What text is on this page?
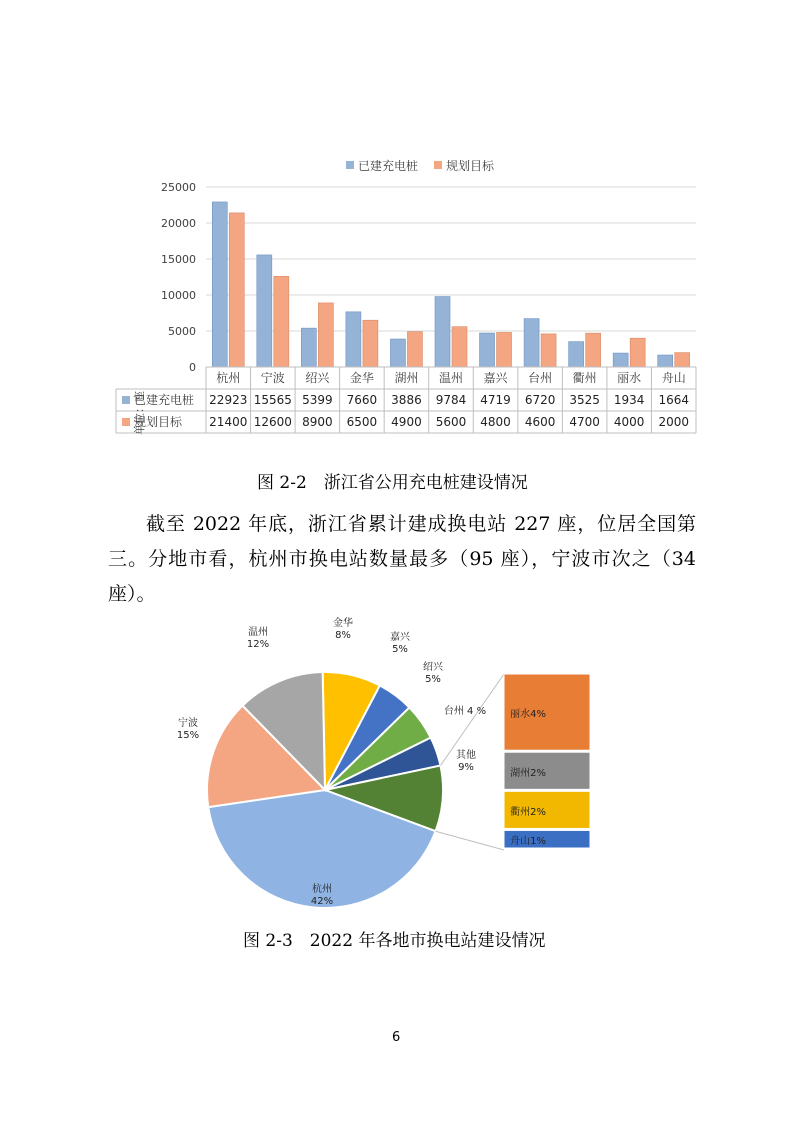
已建充电桩 规划目标
0
5000
10000
15000
20000
25000
杭州
22923
21400
宁波
15565
12600
绍兴
5399
8900
金华
7660
6500
湖州
3886
4900
温州
9784
5600
嘉兴
4719
4800
台州
6720
4600
衢州
3525
4700
丽水
1934
4000
舟山
1664
2000
已建充电桩
规划目标
单位：座
图 2-2　浙江省公用充电桩建设情况
截至 2022 年底，浙江省累计建成换电站 227 座，位居全国第三。分地市看，杭州市换电站数量最多（95 座），宁波市次之（34 座）。
金华 8%	嘉兴 5%
绍兴 5%
台州 4 %
其他 9%
杭州 42%
宁波 15%
温州 12%
丽水4%
湖州2%
衢州2%
舟山1%
图 2-3　2022 年各地市换电站建设情况
6
